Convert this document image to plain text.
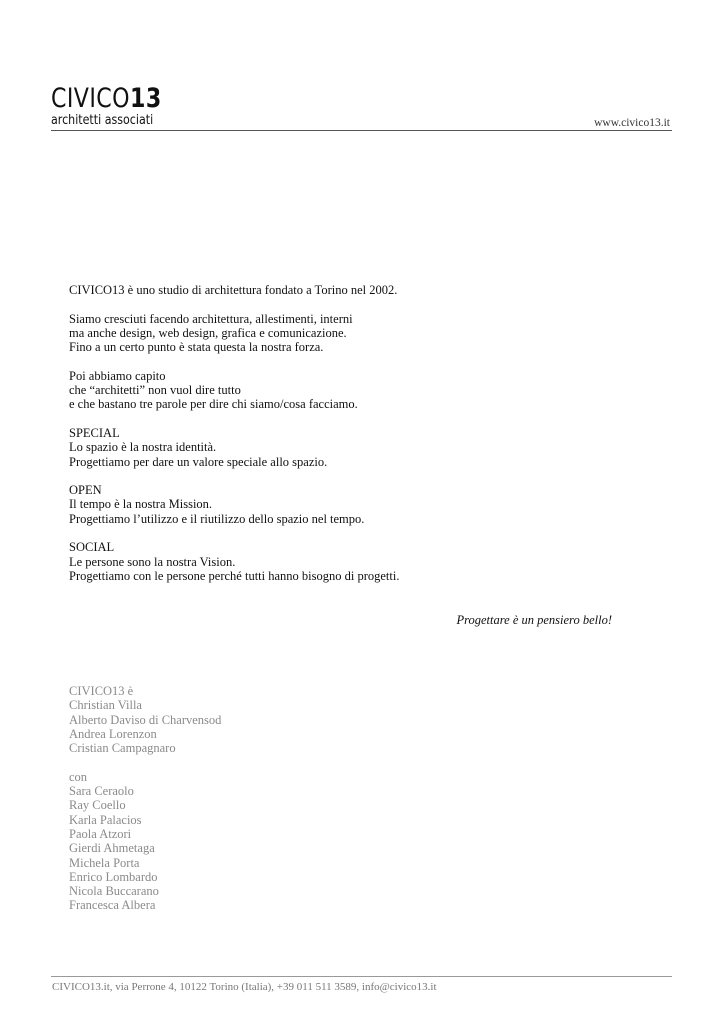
CIVICO13
architetti associati	www.civico13.it
CIVICO13 è uno studio di architettura fondato a Torino nel 2002.
Siamo cresciuti facendo architettura, allestimenti, interni
ma anche design, web design, grafica e comunicazione.
Fino a un certo punto è stata questa la nostra forza.
Poi abbiamo capito
che “architetti” non vuol dire tutto
e che bastano tre parole per dire chi siamo/cosa facciamo.
SPECIAL
Lo spazio è la nostra identità.
Progettiamo per dare un valore speciale allo spazio.
OPEN
Il tempo è la nostra Mission.
Progettiamo l’utilizzo e il riutilizzo dello spazio nel tempo.
SOCIAL
Le persone sono la nostra Vision.
Progettiamo con le persone perché tutti hanno bisogno di progetti.
Progettare è un pensiero bello!
CIVICO13 è
Christian Villa
Alberto Daviso di Charvensod
Andrea Lorenzon
Cristian Campagnaro
con
Sara Ceraolo
Ray Coello
Karla Palacios
Paola Atzori
Gierdi Ahmetaga
Michela Porta
Enrico Lombardo
Nicola Buccarano
Francesca Albera
CIVICO13.it, via Perrone 4, 10122 Torino (Italia), +39 011 511 3589, info@civico13.it
